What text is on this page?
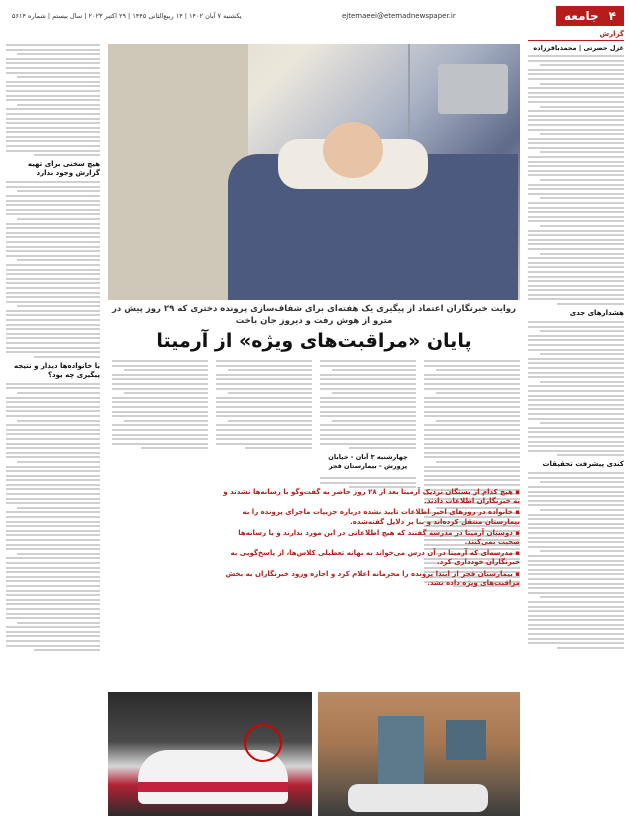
۴
جامعه
ejtemaeei@etemadnewspaper.ir
یکشنبه ۷ آبان ۱۴۰۲ | ۱۴ ربیع‌الثانی ۱۴۴۵ | ۲۹ اکتبر ۲۰۲۳ | سال بیستم | شماره ۵۶۱۴
گزارش
غزل حضرتی | محمدباقرزاده
هشدارهای جدی
کندی پیشرفت تحقیقات
هیچ سخنی برای تهیه گزارش وجود ندارد
با خانواده‌ها دیدار و نتیجه پیگیری چه بود؟
روایت خبرنگاران اعتماد از پیگیری یک هفته‌ای برای شفاف‌سازی پرونده دختری که ۲۹ روز پیش در مترو از هوش رفت و دیروز جان باخت
پایان «مراقبت‌های ویژه» از آرمیتا
چهارشنبه ۳ آبان - خیابان پرورش - بیمارستان فجر
▪ هیچ کدام از بستگان نزدیک آرمیتا بعد از ۲۸ روز حاضر به گفت‌وگو با رسانه‌ها نشدند و به خبرنگاران اطلاعات دادند.
▪ خانواده در روزهای اخیر اطلاعات تایید نشده درباره جزییات ماجرای پرونده را به بیمارستان منتقل کرده‌اند و بنا بر دلایل گفته‌شده.
▪ دوستان آرمیتا در مدرسه گفتند که هیچ اطلاعاتی در این مورد ندارند و با رسانه‌ها صحبت نمی‌کنند.
▪ مدرسه‌ای که آرمیتا در آن درس می‌خواند به بهانه تعطیلی کلاس‌ها، از پاسخ‌گویی به خبرنگاران خودداری کرد.
▪ بیمارستان فجر از ابتدا پرونده را محرمانه اعلام کرد و اجازه ورود خبرنگاران به بخش مراقبت‌های ویژه داده نشد.
